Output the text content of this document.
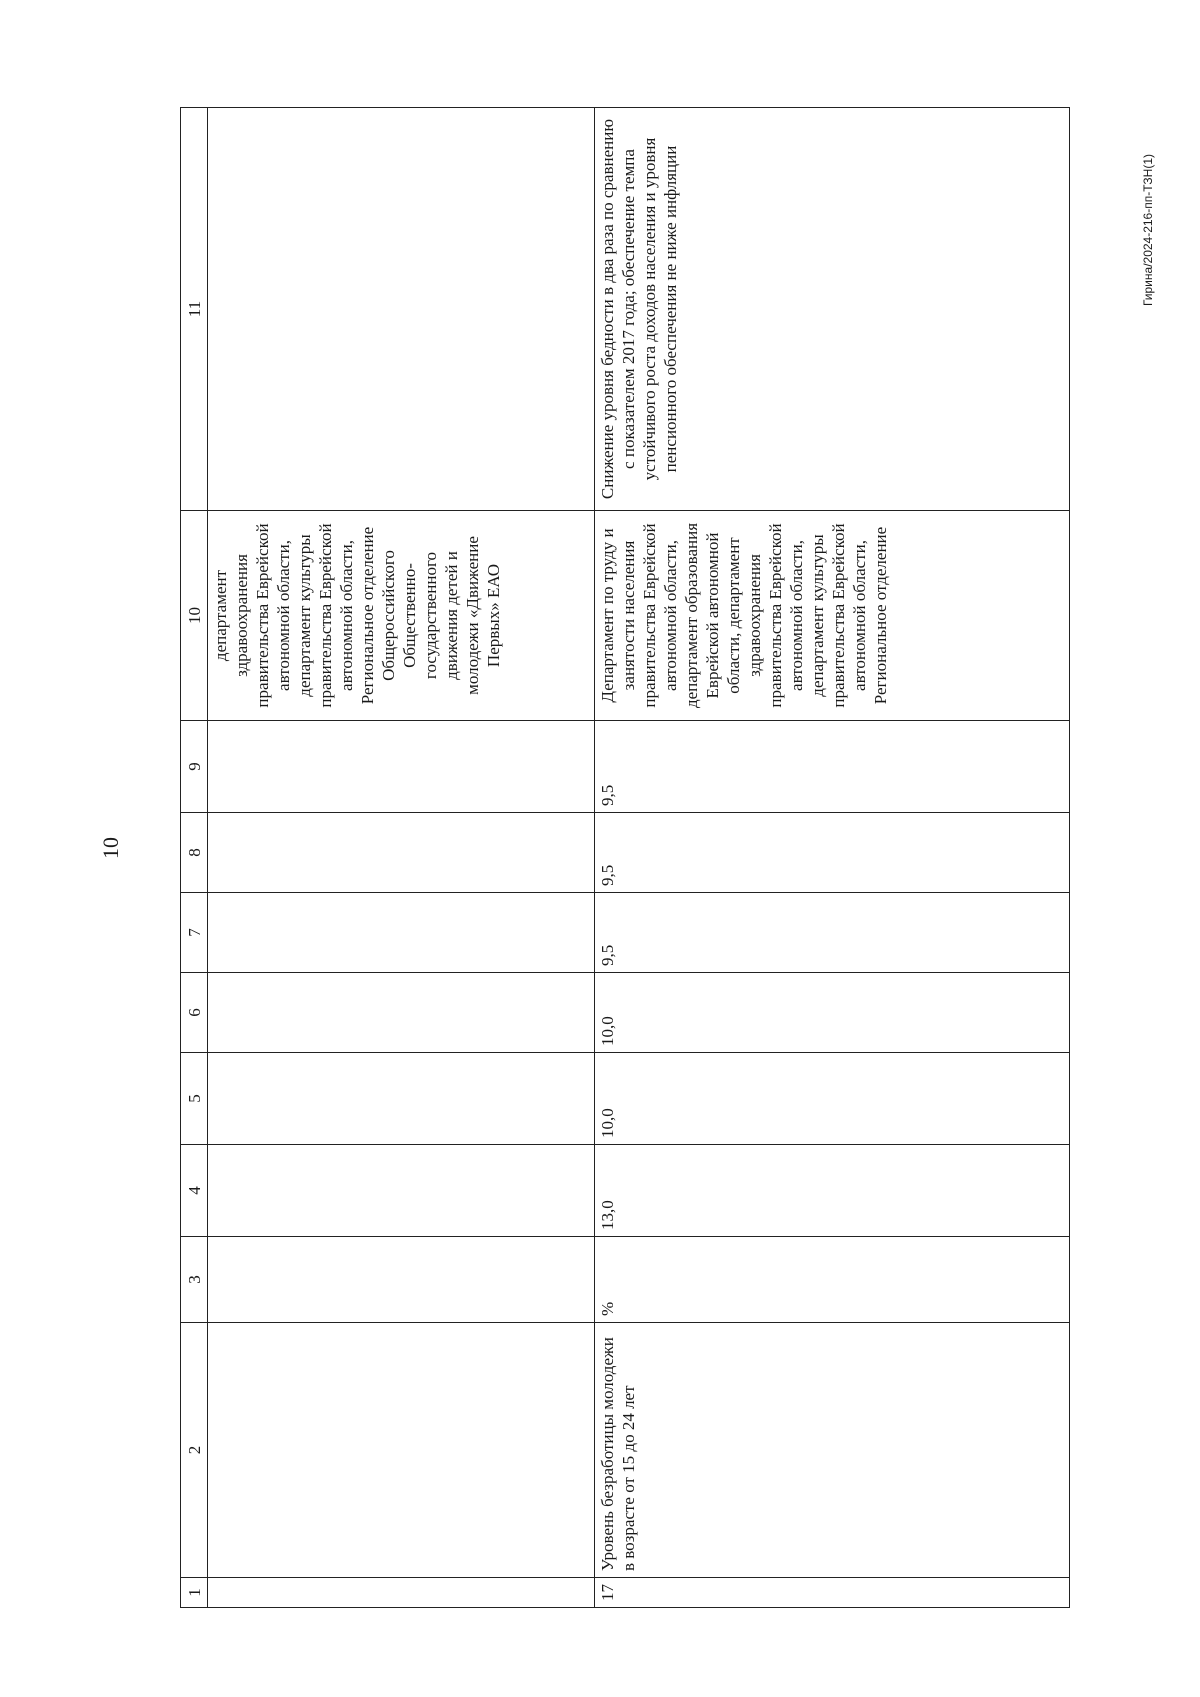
10
1	2	3	4	5	6	7	8	9	10	11
									департамент здравоохранения правительства Еврейской автономной области, департамент культуры правительства Еврейской автономной области, Региональное отделение Общероссийского Общественно-государственного движения детей и молодежи «Движение Первых» ЕАО	
17	Уровень безработицы молодежи в возрасте от 15 до 24 лет	%	13,0	10,0	10,0	9,5	9,5	9,5	Департамент по труду и занятости населения правительства Еврейской автономной области, департамент образования Еврейской автономной области, департамент здравоохранения правительства Еврейской автономной области, департамент культуры правительства Еврейской автономной области, Региональное отделение	Снижение уровня бедности в два раза по сравнению с показателем 2017 года; обеспечение темпа устойчивого роста доходов населения и уровня пенсионного обеспечения не ниже инфляции	Гирина/2024-216-пп-ТЗН(1)
